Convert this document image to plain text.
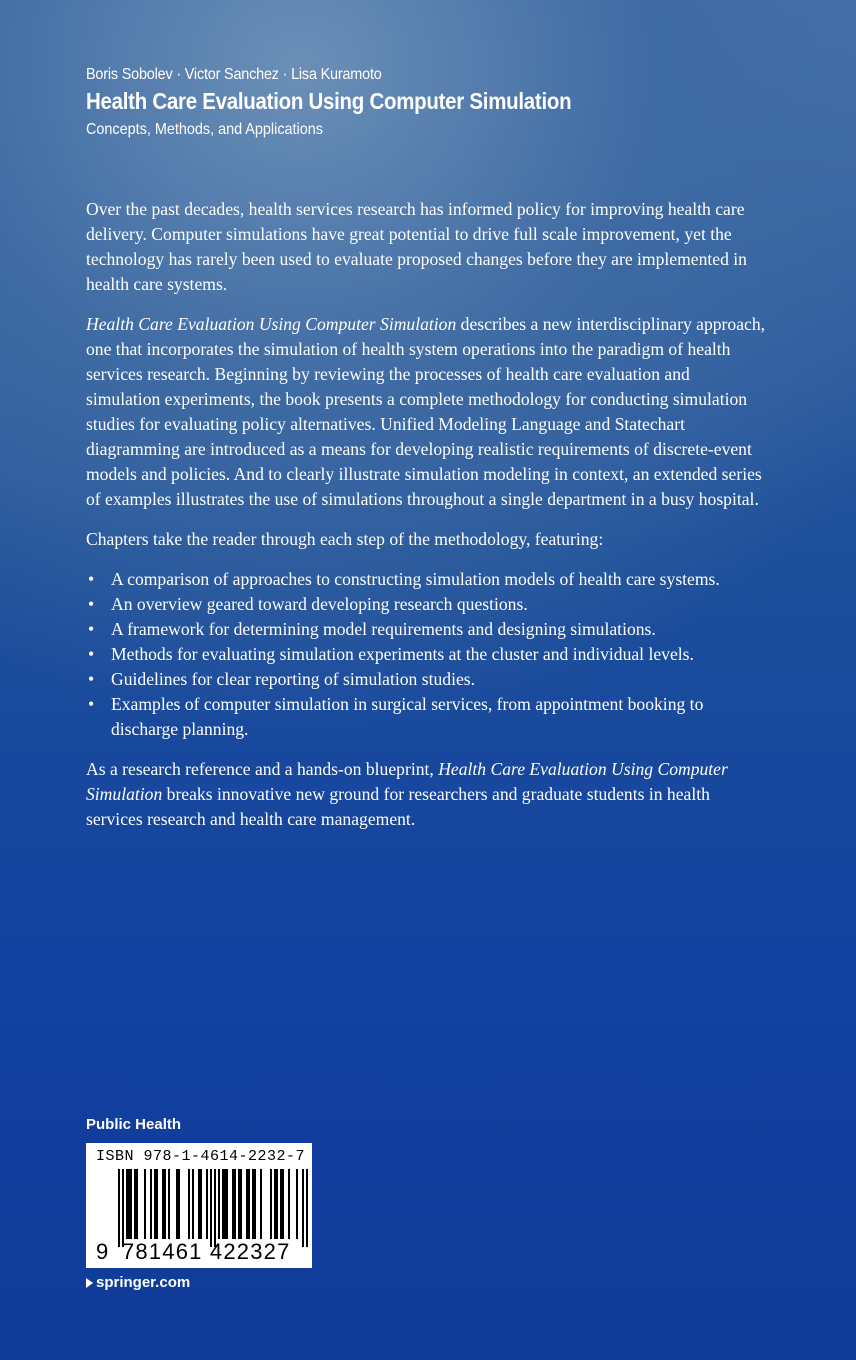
Boris Sobolev · Victor Sanchez · Lisa Kuramoto
Health Care Evaluation Using Computer Simulation
Concepts, Methods, and Applications

Over the past decades, health services research has informed policy for improving health care delivery. Computer simulations have great potential to drive full scale improvement, yet the technology has rarely been used to evaluate proposed changes before they are implemented in health care systems.

Health Care Evaluation Using Computer Simulation describes a new interdisciplinary approach, one that incorporates the simulation of health system operations into the paradigm of health services research. Beginning by reviewing the processes of health care evaluation and simulation experiments, the book presents a complete methodology for conducting simulation studies for evaluating policy alternatives. Unified Modeling Language and Statechart diagramming are introduced as a means for developing realistic requirements of discrete-event models and policies. And to clearly illustrate simulation modeling in context, an extended series of examples illustrates the use of simulations throughout a single department in a busy hospital.

Chapters take the reader through each step of the methodology, featuring:

• A comparison of approaches to constructing simulation models of health care systems.
• An overview geared toward developing research questions.
• A framework for determining model requirements and designing simulations.
• Methods for evaluating simulation experiments at the cluster and individual levels.
• Guidelines for clear reporting of simulation studies.
• Examples of computer simulation in surgical services, from appointment booking to discharge planning.

As a research reference and a hands-on blueprint, Health Care Evaluation Using Computer Simulation breaks innovative new ground for researchers and graduate students in health services research and health care management.

Public Health
ISBN 978-1-4614-2232-7
9 781461 422327
springer.com
